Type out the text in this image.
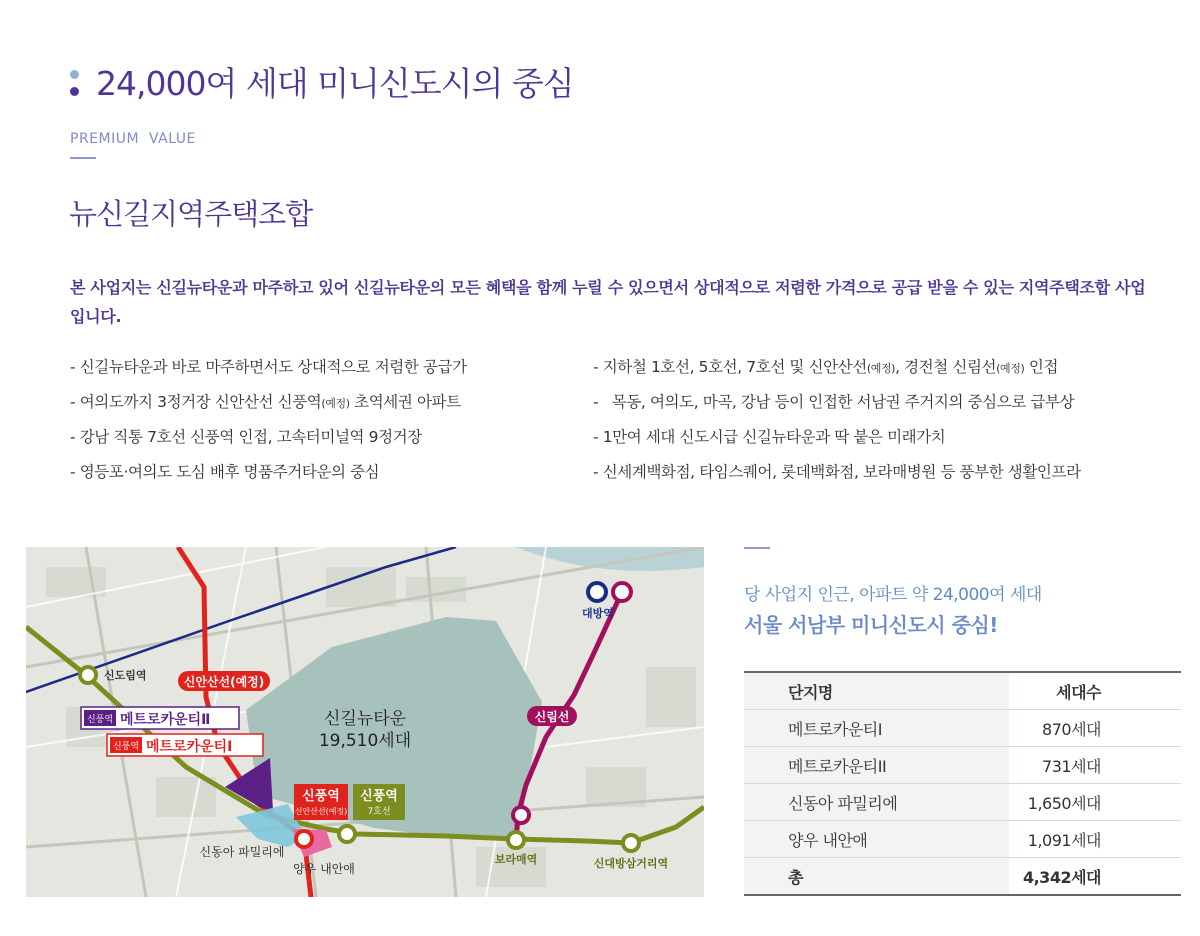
24,000여 세대 미니신도시의 중심
PREMIUM  VALUE
뉴신길지역주택조합
본 사업지는 신길뉴타운과 마주하고 있어 신길뉴타운의 모든 혜택을 함께 누릴 수 있으면서 상대적으로 저렴한 가격으로 공급 받을 수 있는 지역주택조합 사업입니다.
- 신길뉴타운과 바로 마주하면서도 상대적으로 저렴한 공급가
- 여의도까지 3정거장 신안산선 신풍역(예정) 초역세권 아파트
- 강남 직통 7호선 신풍역 인접, 고속터미널역 9정거장
- 영등포·여의도 도심 배후 명품주거타운의 중심
- 지하철 1호선, 5호선, 7호선 및 신안산선(예정), 경전철 신림선(예정) 인접
-   목동, 여의도, 마곡, 강남 등이 인접한 서남권 주거지의 중심으로 급부상
- 1만여 세대 신도시급 신길뉴타운과 딱 붙은 미래가치
- 신세계백화점, 타임스퀘어, 롯데백화점, 보라매병원 등 풍부한 생활인프라
대방역
신도림역
보라매역	신대방삼거리역
신안산선(예정)
신림선
신길뉴타운
19,510세대
신풍역 메트로카운티Ⅱ
신풍역 메트로카운티Ⅰ
신풍역
신안산선(예정)
신풍역
7호선
신동아 파밀리에
양우 내안애
당 사업지 인근, 아파트 약 24,000여 세대
서울 서남부 미니신도시 중심!
단지명	세대수
메트로카운티I	870세대
메트로카운티II	731세대
신동아 파밀리에	1,650세대
양우 내안애	1,091세대
총	4,342세대
